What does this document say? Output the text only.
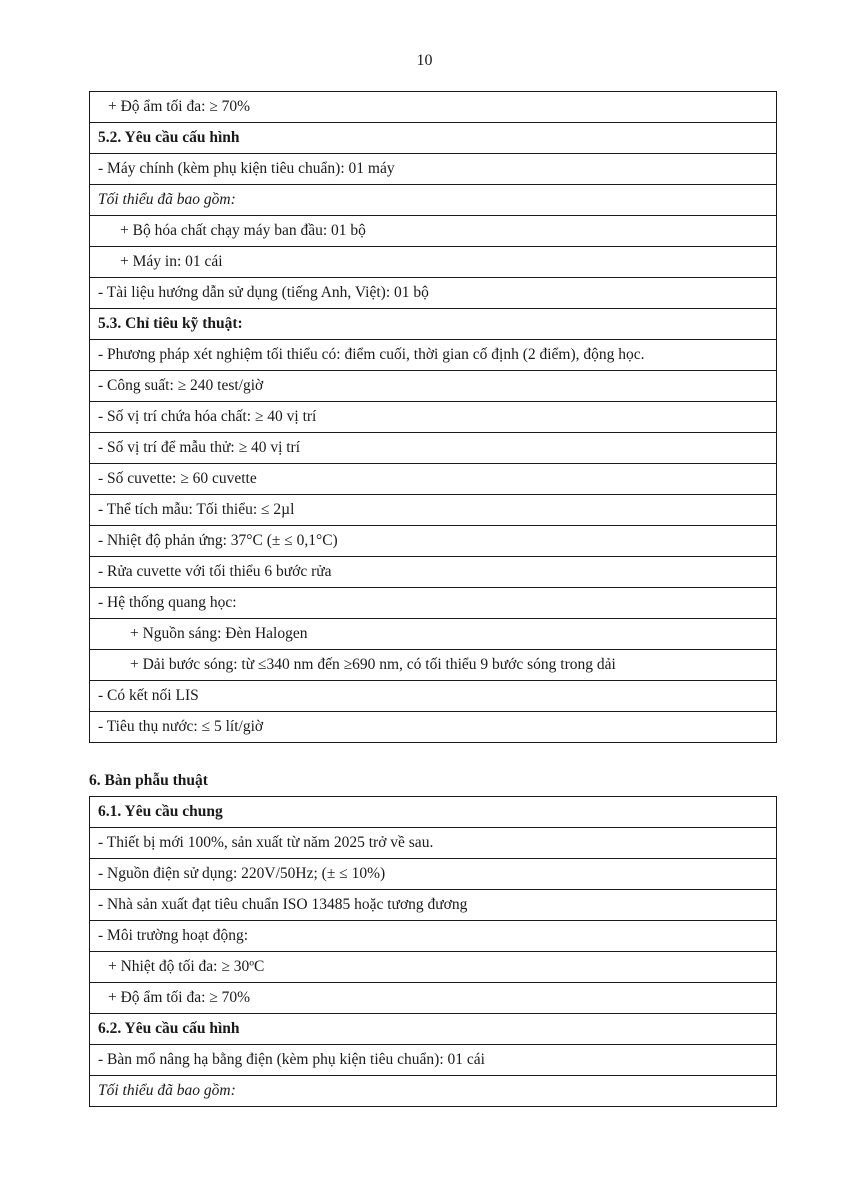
10
+ Độ ẩm tối đa: ≥ 70%
5.2. Yêu cầu cấu hình
- Máy chính (kèm phụ kiện tiêu chuẩn): 01 máy
Tối thiểu đã bao gồm:
+ Bộ hóa chất chạy máy ban đầu: 01 bộ
+ Máy in: 01 cái
- Tài liệu hướng dẫn sử dụng (tiếng Anh, Việt): 01 bộ
5.3. Chỉ tiêu kỹ thuật:
- Phương pháp xét nghiệm tối thiểu có: điểm cuối, thời gian cố định (2 điểm), động học.
- Công suất: ≥ 240 test/giờ
- Số vị trí chứa hóa chất: ≥ 40 vị trí
- Số vị trí để mẫu thử: ≥ 40 vị trí
- Số cuvette: ≥ 60 cuvette
- Thể tích mẫu: Tối thiểu: ≤ 2µl
- Nhiệt độ phản ứng: 37°C (± ≤ 0,1°C)
- Rửa cuvette với tối thiểu 6 bước rửa
- Hệ thống quang học:
+ Nguồn sáng: Đèn Halogen
+ Dải bước sóng: từ ≤340 nm đến ≥690 nm, có tối thiểu 9 bước sóng trong dải
- Có kết nối LIS
- Tiêu thụ nước: ≤ 5 lít/giờ
6. Bàn phẫu thuật
6.1. Yêu cầu chung
- Thiết bị mới 100%, sản xuất từ năm 2025 trở về sau.
- Nguồn điện sử dụng: 220V/50Hz; (± ≤ 10%)
- Nhà sản xuất đạt tiêu chuẩn ISO 13485 hoặc tương đương
- Môi trường hoạt động:
+ Nhiệt độ tối đa: ≥ 30ºC
+ Độ ẩm tối đa: ≥ 70%
6.2. Yêu cầu cấu hình
- Bàn mổ nâng hạ bằng điện (kèm phụ kiện tiêu chuẩn): 01 cái
Tối thiểu đã bao gồm:
